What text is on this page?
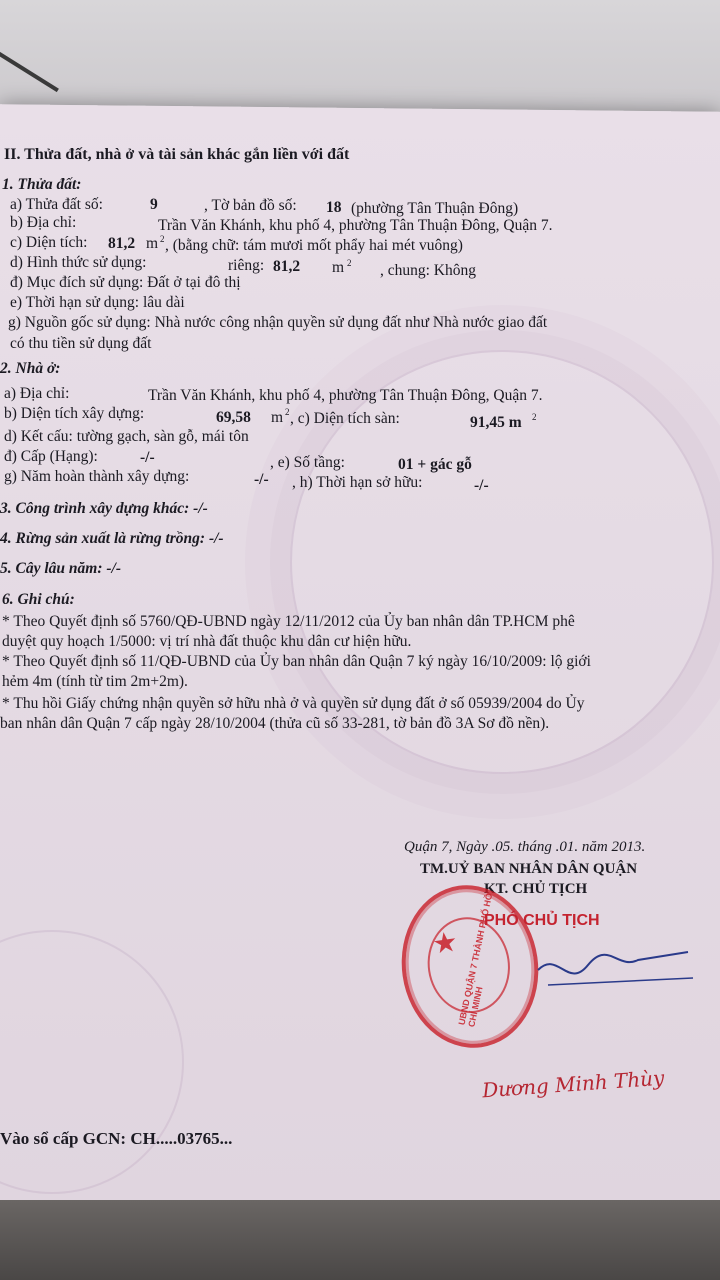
II. Thửa đất, nhà ở và tài sản khác gắn liền với đất
1. Thửa đất:
a) Thửa đất số:	9	, Tờ bản đồ số: 18 (phường Tân Thuận Đông)
b) Địa chỉ:	Trần Văn Khánh, khu phố 4, phường Tân Thuận Đông, Quận 7.
c) Diện tích: 81,2 m 2 , (bằng chữ: tám mươi mốt phẩy hai mét vuông)
d) Hình thức sử dụng:	riêng: 81,2 m 2 , chung: Không
đ) Mục đích sử dụng: Đất ở tại đô thị
e) Thời hạn sử dụng: lâu dài
g) Nguồn gốc sử dụng: Nhà nước công nhận quyền sử dụng đất như Nhà nước giao đất
có thu tiền sử dụng đất
2. Nhà ở:
a) Địa chỉ:	Trần Văn Khánh, khu phố 4, phường Tân Thuận Đông, Quận 7.
b) Diện tích xây dựng:	69,58 m 2 , c) Diện tích sàn:	91,45 m 2
d) Kết cấu: tường gạch, sàn gỗ, mái tôn
đ) Cấp (Hạng):	-/-	, e) Số tầng:	01 + gác gỗ
g) Năm hoàn thành xây dựng:	-/- , h) Thời hạn sở hữu:	-/-
3. Công trình xây dựng khác: -/-
4. Rừng sản xuất là rừng trồng: -/-
5. Cây lâu năm: -/-
6. Ghi chú:
* Theo Quyết định số 5760/QĐ-UBND ngày 12/11/2012 của Ủy ban nhân dân TP.HCM phê
duyệt quy hoạch 1/5000: vị trí nhà đất thuộc khu dân cư hiện hữu.
* Theo Quyết định số 11/QĐ-UBND của Ủy ban nhân dân Quận 7 ký ngày 16/10/2009: lộ giới
hẻm 4m (tính từ tim 2m+2m).
* Thu hồi Giấy chứng nhận quyền sở hữu nhà ở và quyền sử dụng đất ở số 05939/2004 do Ủy
ban nhân dân Quận 7 cấp ngày 28/10/2004 (thửa cũ số 33-281, tờ bản đồ 3A Sơ đồ nền).
Quận 7, Ngày .05. tháng .01. năm 2013.
TM.UỶ BAN NHÂN DÂN QUẬN
KT. CHỦ TỊCH
★
UBND QUẬN 7 THÀNH PHỐ HỒ CHÍ MINH
PHÓ CHỦ TỊCH
Dương Minh Thùy
Vào sổ cấp GCN: CH.....03765...
